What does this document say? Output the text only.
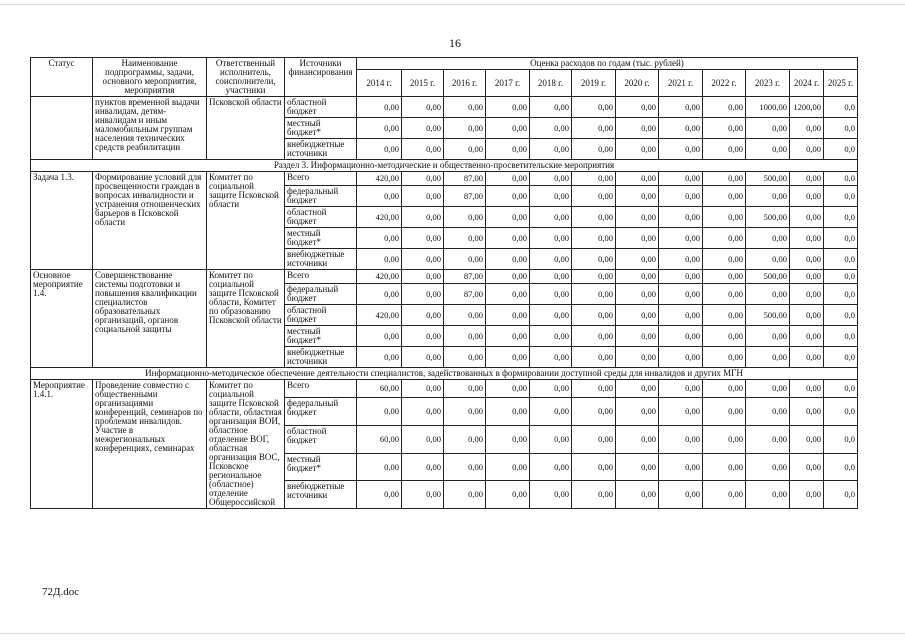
16
Статус	Наименование подпрограммы, задачи, основного мероприятия, мероприятия	Ответственный исполнитель, соисполнители, участники	Источники финансирования	Оценка расходов по годам (тыс. рублей)											
				2014 г.	2015 г.	2016 г.	2017 г.	2018 г.	2019 г.	2020 г.	2021 г.	2022 г.	2023 г.	2024 г.	2025 г.
	пунктов временной выдачи инвалидам, детям-инвалидам и иным маломобильным группам населения технических средств реабилитации	Псковской области	областной бюджет	0,00	0,00	0,00	0,00	0,00	0,00	0,00	0,00	0,00	1000,00	1200,00	0,0
			местный бюджет*	0,00	0,00	0,00	0,00	0,00	0,00	0,00	0,00	0,00	0,00	0,00	0,0
			внебюджетные источники	0,00	0,00	0,00	0,00	0,00	0,00	0,00	0,00	0,00	0,00	0,00	0,0
Раздел 3. Информационно-методические и общественно-просветительские мероприятия															
Задача 1.3.	Формирование условий для просвещенности граждан в вопросах инвалидности и устранения отношенческих барьеров в Псковской области	Комитет по социальной защите Псковской области	Всего	420,00	0,00	87,00	0,00	0,00	0,00	0,00	0,00	0,00	500,00	0,00	0,0
			федеральный бюджет	0,00	0,00	87,00	0,00	0,00	0,00	0,00	0,00	0,00	0,00	0,00	0,0
			областной бюджет	420,00	0,00	0,00	0,00	0,00	0,00	0,00	0,00	0,00	500,00	0,00	0,0
			местный бюджет*	0,00	0,00	0,00	0,00	0,00	0,00	0,00	0,00	0,00	0,00	0,00	0,0
			внебюджетные источники	0,00	0,00	0,00	0,00	0,00	0,00	0,00	0,00	0,00	0,00	0,00	0,0
Основное мероприятие 1.4.	Совершенствование системы подготовки и повышения квалификации специалистов образовательных организаций, органов социальной защиты	Комитет по социальной защите Псковской области, Комитет по образованию Псковской области	Всего	420,00	0,00	87,00	0,00	0,00	0,00	0,00	0,00	0,00	500,00	0,00	0,0
			федеральный бюджет	0,00	0,00	87,00	0,00	0,00	0,00	0,00	0,00	0,00	0,00	0,00	0,0
			областной бюджет	420,00	0,00	0,00	0,00	0,00	0,00	0,00	0,00	0,00	500,00	0,00	0,0
			местный бюджет*	0,00	0,00	0,00	0,00	0,00	0,00	0,00	0,00	0,00	0,00	0,00	0,0
			внебюджетные источники	0,00	0,00	0,00	0,00	0,00	0,00	0,00	0,00	0,00	0,00	0,00	0,0
Информационно-методическое обеспечение деятельности специалистов, задействованных в формировании доступной среды для инвалидов и других МГН															
Мероприятие 1.4.1.	Проведение совместно с общественными организациями конференций, семинаров по проблемам инвалидов. Участие в межрегиональных конференциях, семинарах	Комитет по социальной защите Псковской области, областная организация ВОИ, областное отделение ВОГ, областная организация ВОС, Псковское региональное (областное) отделение Общероссийской	Всего	60,00	0,00	0,00	0,00	0,00	0,00	0,00	0,00	0,00	0,00	0,00	0,0
			федеральный бюджет	0,00	0,00	0,00	0,00	0,00	0,00	0,00	0,00	0,00	0,00	0,00	0,0
			областной бюджет	60,00	0,00	0,00	0,00	0,00	0,00	0,00	0,00	0,00	0,00	0,00	0,0
			местный бюджет*	0,00	0,00	0,00	0,00	0,00	0,00	0,00	0,00	0,00	0,00	0,00	0,0
			внебюджетные источники	0,00	0,00	0,00	0,00	0,00	0,00	0,00	0,00	0,00	0,00	0,00	0,0
72Д.doc
